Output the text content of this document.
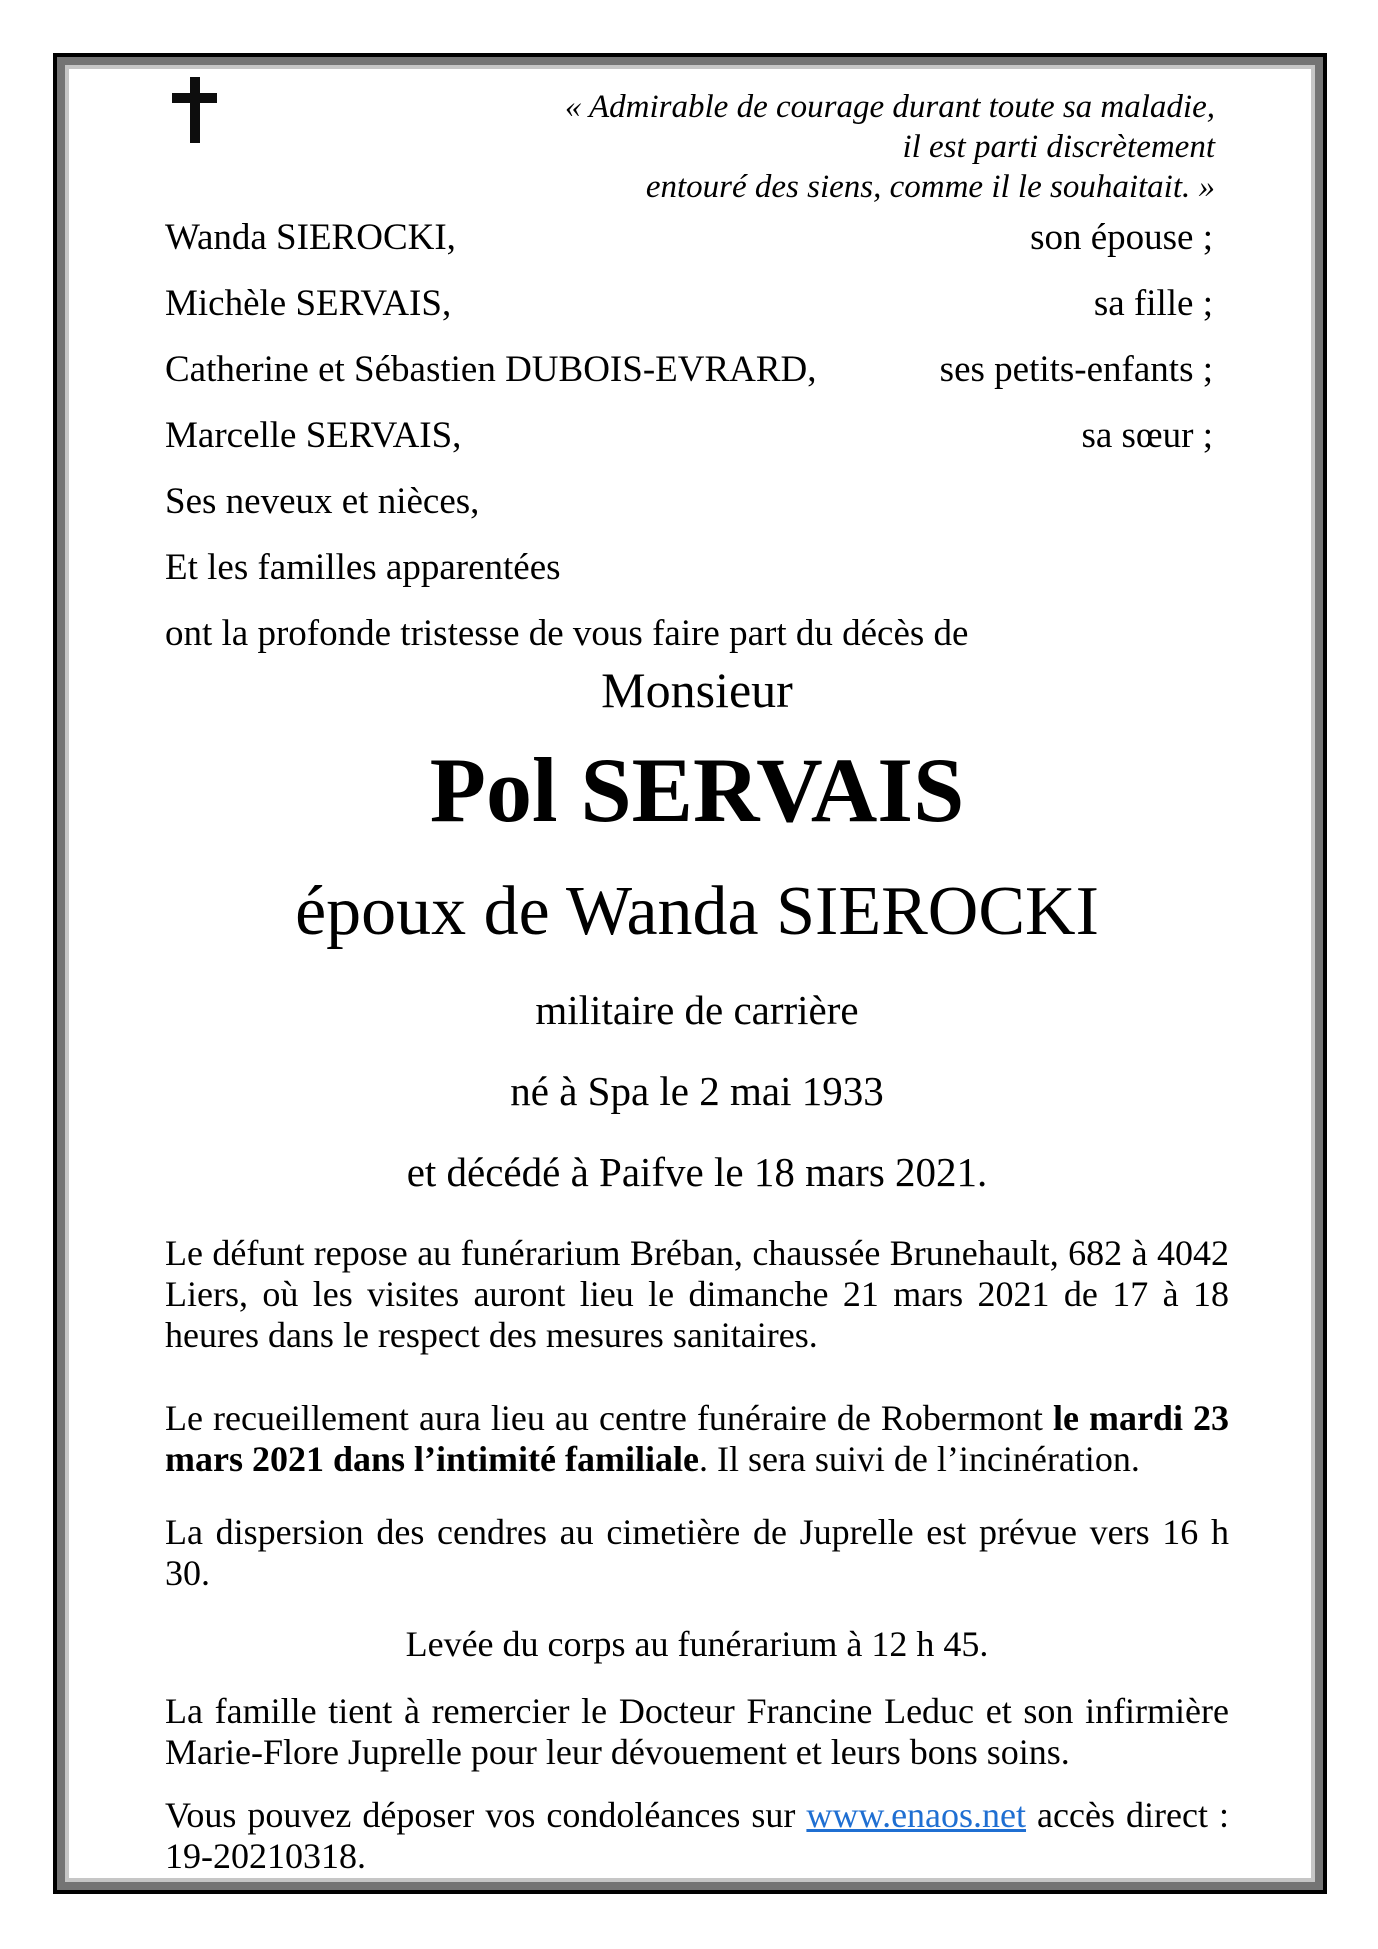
« Admirable de courage durant toute sa maladie,
il est parti discrètement
entouré des siens, comme il le souhaitait. »
Wanda SIEROCKI,	son épouse ;
Michèle SERVAIS,	sa fille ;
Catherine et Sébastien DUBOIS-EVRARD,	ses petits-enfants ;
Marcelle SERVAIS,	sa sœur ;
Ses neveux et nièces,
Et les familles apparentées
ont la profonde tristesse de vous faire part du décès de
Monsieur
Pol SERVAIS
époux de Wanda SIEROCKI
militaire de carrière
né à Spa le 2 mai 1933
et décédé à Paifve le 18 mars 2021.
Le défunt repose au funérarium Bréban, chaussée Brunehault, 682 à 4042 Liers, où les visites auront lieu le dimanche 21 mars 2021 de 17 à 18 heures dans le respect des mesures sanitaires.
Le recueillement aura lieu au centre funéraire de Robermont le mardi 23 mars 2021 dans l’intimité familiale. Il sera suivi de l’incinération.
La dispersion des cendres au cimetière de Juprelle est prévue vers 16 h 30.
Levée du corps au funérarium à 12 h 45.
La famille tient à remercier le Docteur Francine Leduc et son infirmière Marie-Flore Juprelle pour leur dévouement et leurs bons soins.
Vous pouvez déposer vos condoléances sur www.enaos.net accès direct : 19-20210318.
